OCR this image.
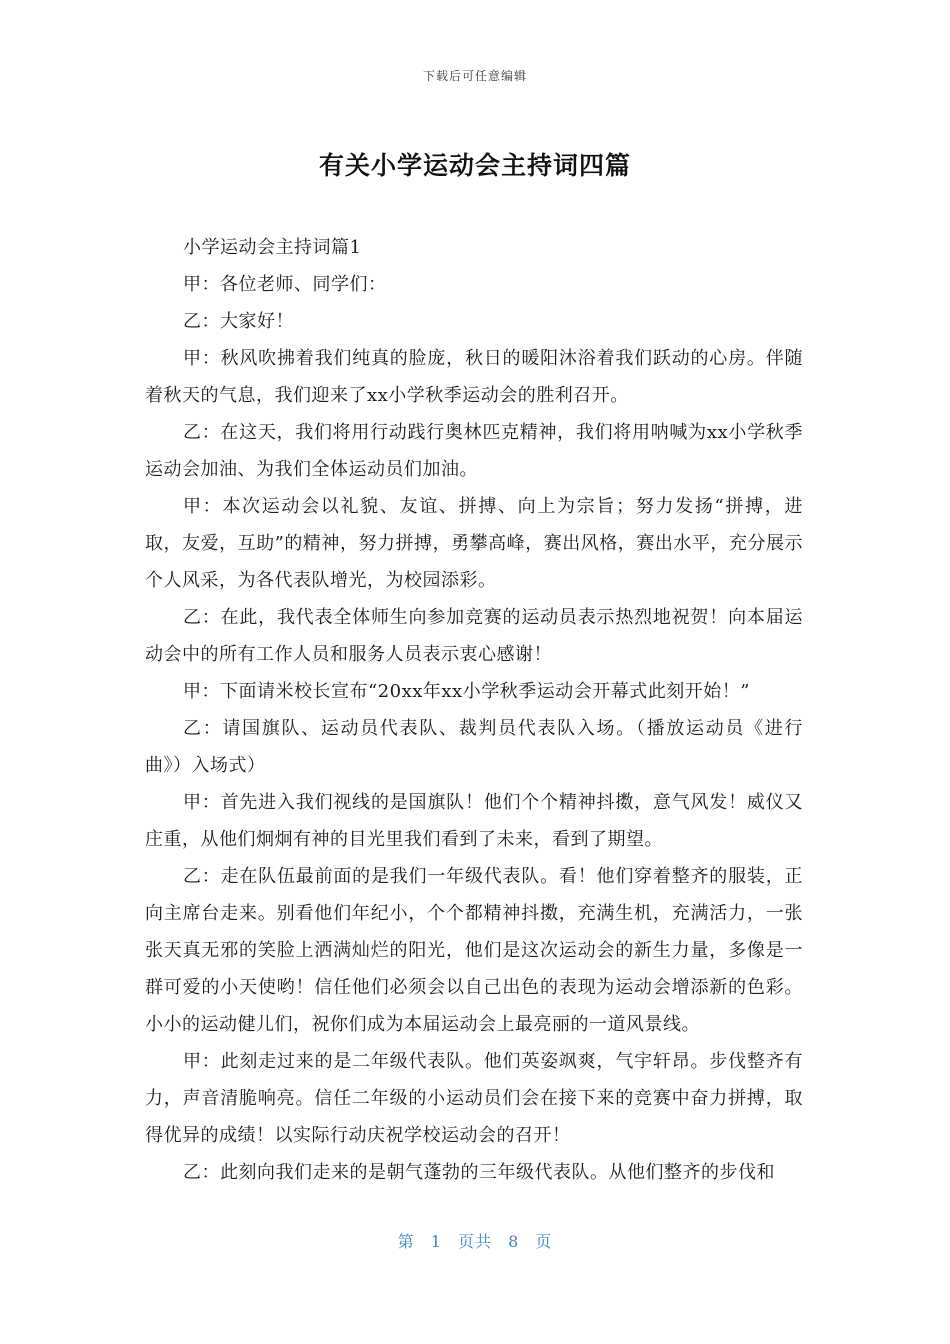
下载后可任意编辑
有关小学运动会主持词四篇

小学运动会主持词篇1

甲：各位老师、同学们：

乙：大家好！

甲：秋风吹拂着我们纯真的脸庞，秋日的暖阳沐浴着我们跃动的心房。伴随着秋天的气息，我们迎来了xx小学秋季运动会的胜利召开。

乙：在这天，我们将用行动践行奥林匹克精神，我们将用呐喊为xx小学秋季运动会加油、为我们全体运动员们加油。

甲：本次运动会以礼貌、友谊、拼搏、向上为宗旨；努力发扬“拼搏，进取，友爱，互助”的精神，努力拼搏，勇攀高峰，赛出风格，赛出水平，充分展示个人风采，为各代表队增光，为校园添彩。

乙：在此，我代表全体师生向参加竞赛的运动员表示热烈地祝贺！向本届运动会中的所有工作人员和服务人员表示衷心感谢！

甲：下面请米校长宣布“20xx年xx小学秋季运动会开幕式此刻开始！”

乙：请国旗队、运动员代表队、裁判员代表队入场。（播放运动员《进行曲》）入场式）

甲：首先进入我们视线的是国旗队！他们个个精神抖擞，意气风发！威仪又庄重，从他们炯炯有神的目光里我们看到了未来，看到了期望。

乙：走在队伍最前面的是我们一年级代表队。看！他们穿着整齐的服装，正向主席台走来。别看他们年纪小，个个都精神抖擞，充满生机，充满活力，一张张天真无邪的笑脸上洒满灿烂的阳光，他们是这次运动会的新生力量，多像是一群可爱的小天使哟！信任他们必须会以自己出色的表现为运动会增添新的色彩。小小的运动健儿们，祝你们成为本届运动会上最亮丽的一道风景线。

甲：此刻走过来的是二年级代表队。他们英姿飒爽，气宇轩昂。步伐整齐有力，声音清脆响亮。信任二年级的小运动员们会在接下来的竞赛中奋力拼搏，取得优异的成绩！以实际行动庆祝学校运动会的召开！

乙：此刻向我们走来的是朝气蓬勃的三年级代表队。从他们整齐的步伐和

第 1 页共 8 页
